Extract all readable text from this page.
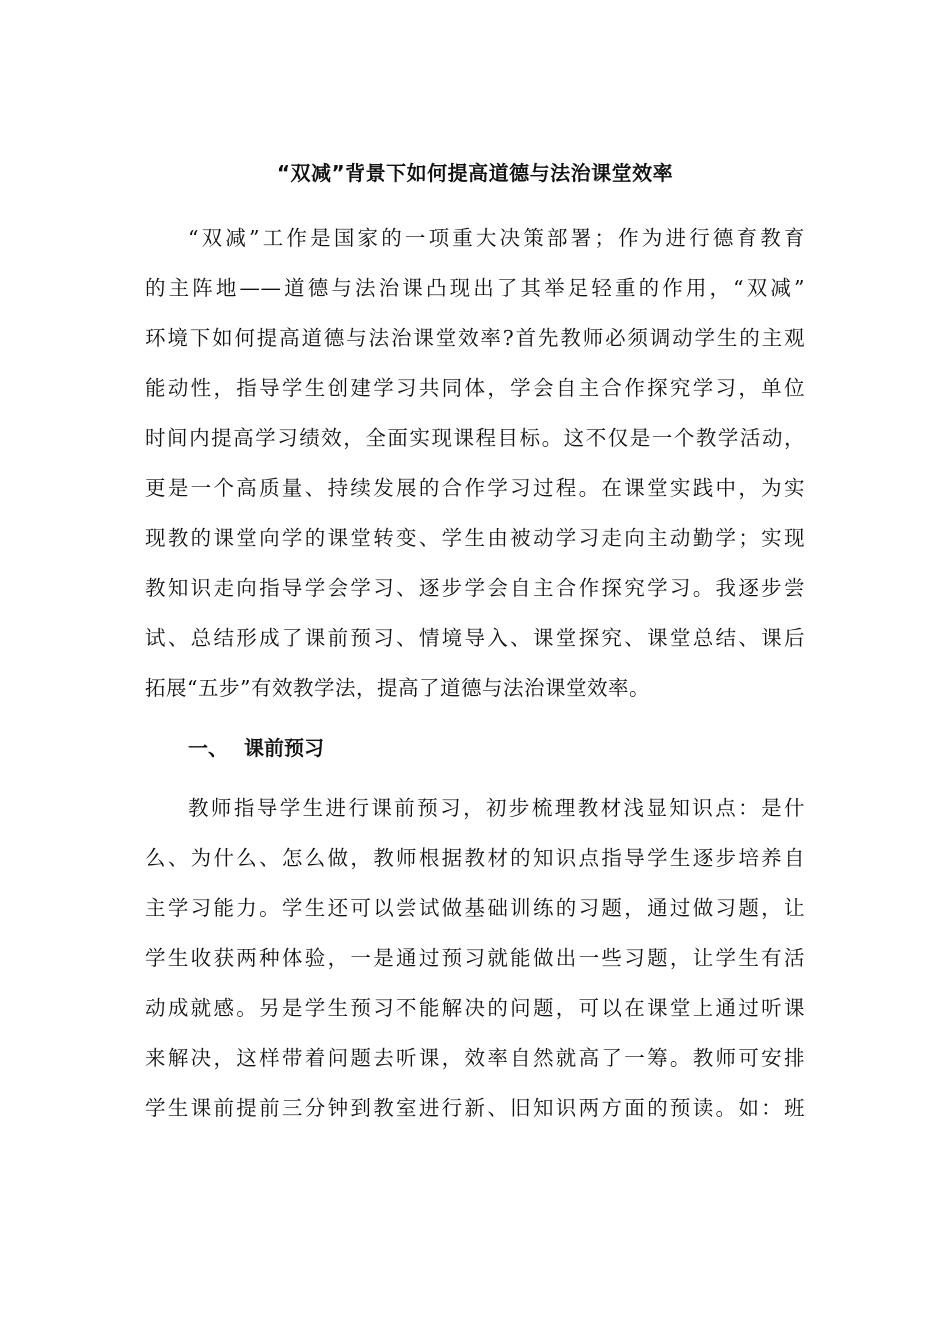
“双减”背景下如何提高道德与法治课堂效率
“双减”工作是国家的一项重大决策部署；作为进行德育教育
的主阵地——道德与法治课凸现出了其举足轻重的作用，“双减”
环境下如何提高道德与法治课堂效率?首先教师必须调动学生的主观
能动性，指导学生创建学习共同体，学会自主合作探究学习，单位
时间内提高学习绩效，全面实现课程目标。这不仅是一个教学活动，
更是一个高质量、持续发展的合作学习过程。在课堂实践中，为实
现教的课堂向学的课堂转变、学生由被动学习走向主动勤学；实现
教知识走向指导学会学习、逐步学会自主合作探究学习。我逐步尝
试、总结形成了课前预习、情境导入、课堂探究、课堂总结、课后
拓展“五步”有效教学法，提高了道德与法治课堂效率。
一、 课前预习
教师指导学生进行课前预习，初步梳理教材浅显知识点：是什
么、为什么、怎么做，教师根据教材的知识点指导学生逐步培养自
主学习能力。学生还可以尝试做基础训练的习题，通过做习题，让
学生收获两种体验，一是通过预习就能做出一些习题，让学生有活
动成就感。另是学生预习不能解决的问题，可以在课堂上通过听课
来解决，这样带着问题去听课，效率自然就高了一筹。教师可安排
学生课前提前三分钟到教室进行新、旧知识两方面的预读。如：班
